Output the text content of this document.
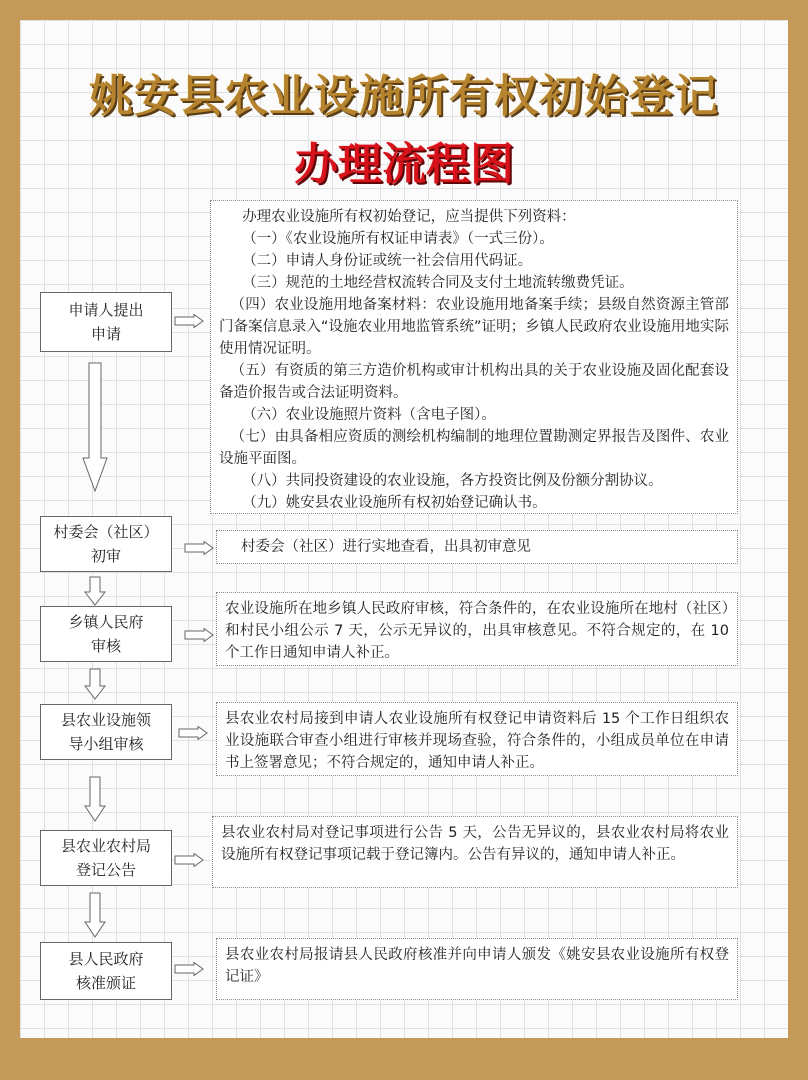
姚安县农业设施所有权初始登记
办理流程图
申请人提出
申请

办理农业设施所有权初始登记，应当提供下列资料：

（一）《农业设施所有权证申请表》（一式三份）。

（二）申请人身份证或统一社会信用代码证。

（三）规范的土地经营权流转合同及支付土地流转缴费凭证。

（四）农业设施用地备案材料：农业设施用地备案手续；县级自然资源主管部门备案信息录入“设施农业用地监管系统”证明；乡镇人民政府农业设施用地实际使用情况证明。

（五）有资质的第三方造价机构或审计机构出具的关于农业设施及固化配套设备造价报告或合法证明资料。

（六）农业设施照片资料（含电子图）。

（七）由具备相应资质的测绘机构编制的地理位置勘测定界报告及图件、农业设施平面图。

（八）共同投资建设的农业设施，各方投资比例及份额分割协议。

（九）姚安县农业设施所有权初始登记确认书。

村委会（社区）
初审	村委会（社区）进行实地查看，出具初审意见

乡镇人民府
审核

农业设施所在地乡镇人民政府审核，符合条件的，在农业设施所在地村（社区）和村民小组公示 7 天，公示无异议的，出具审核意见。不符合规定的，在 10 个工作日通知申请人补正。

县农业设施领
导小组审核

县农业农村局接到申请人农业设施所有权登记申请资料后 15 个工作日组织农业设施联合审查小组进行审核并现场查验，符合条件的，小组成员单位在申请书上签署意见；不符合规定的，通知申请人补正。

县农业农村局
登记公告

县农业农村局对登记事项进行公告 5 天，公告无异议的，县农业农村局将农业设施所有权登记事项记载于登记簿内。公告有异议的，通知申请人补正。

县人民政府
核准颁证

县农业农村局报请县人民政府核准并向申请人颁发《姚安县农业设施所有权登记证》
